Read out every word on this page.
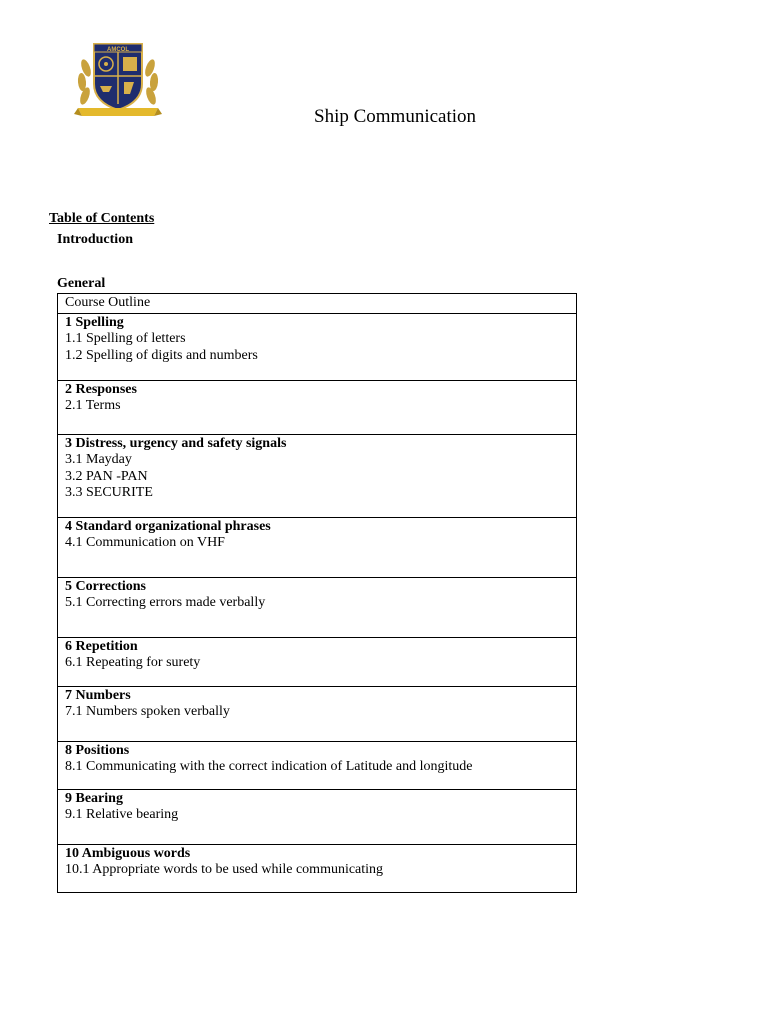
AMCOL
Ship Communication
Table of Contents
Introduction
General
Course Outline

1 Spelling
1.1 Spelling of letters
1.2 Spelling of digits and numbers

2 Responses
2.1 Terms

3 Distress, urgency and safety signals
3.1 Mayday
3.2 PAN -PAN
3.3 SECURITE

4 Standard organizational phrases
4.1 Communication on VHF

5 Corrections
5.1 Correcting errors made verbally

6 Repetition
6.1 Repeating for surety

7 Numbers
7.1 Numbers spoken verbally

8 Positions
8.1 Communicating with the correct indication of Latitude and longitude

9 Bearing
9.1 Relative bearing

10 Ambiguous words
10.1 Appropriate words to be used while communicating
